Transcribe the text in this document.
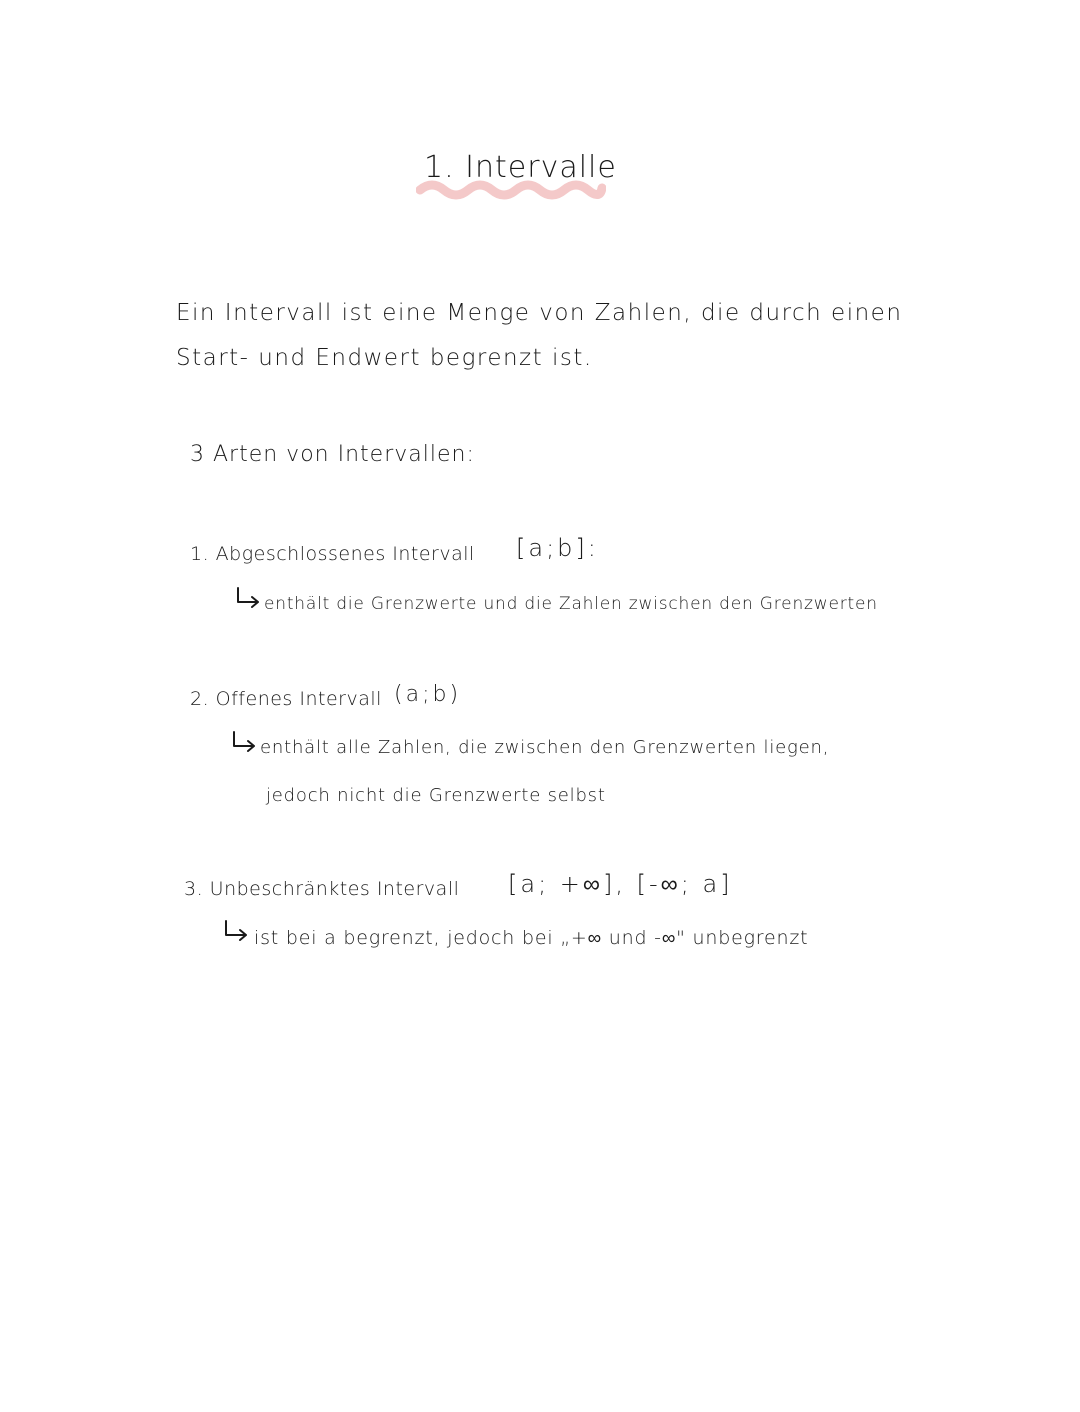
1. Intervalle
Ein Intervall ist eine Menge von Zahlen, die durch einen
Start- und Endwert begrenzt ist.
3 Arten von Intervallen:
1. Abgeschlossenes Intervall [a;b]:
enthält die Grenzwerte und die Zahlen zwischen den Grenzwerten
2. Offenes Intervall (a;b)
enthält alle Zahlen, die zwischen den Grenzwerten liegen,
jedoch nicht die Grenzwerte selbst
3. Unbeschränktes Intervall [a; +∞], [-∞; a]
ist bei a begrenzt, jedoch bei „+∞ und -∞" unbegrenzt
